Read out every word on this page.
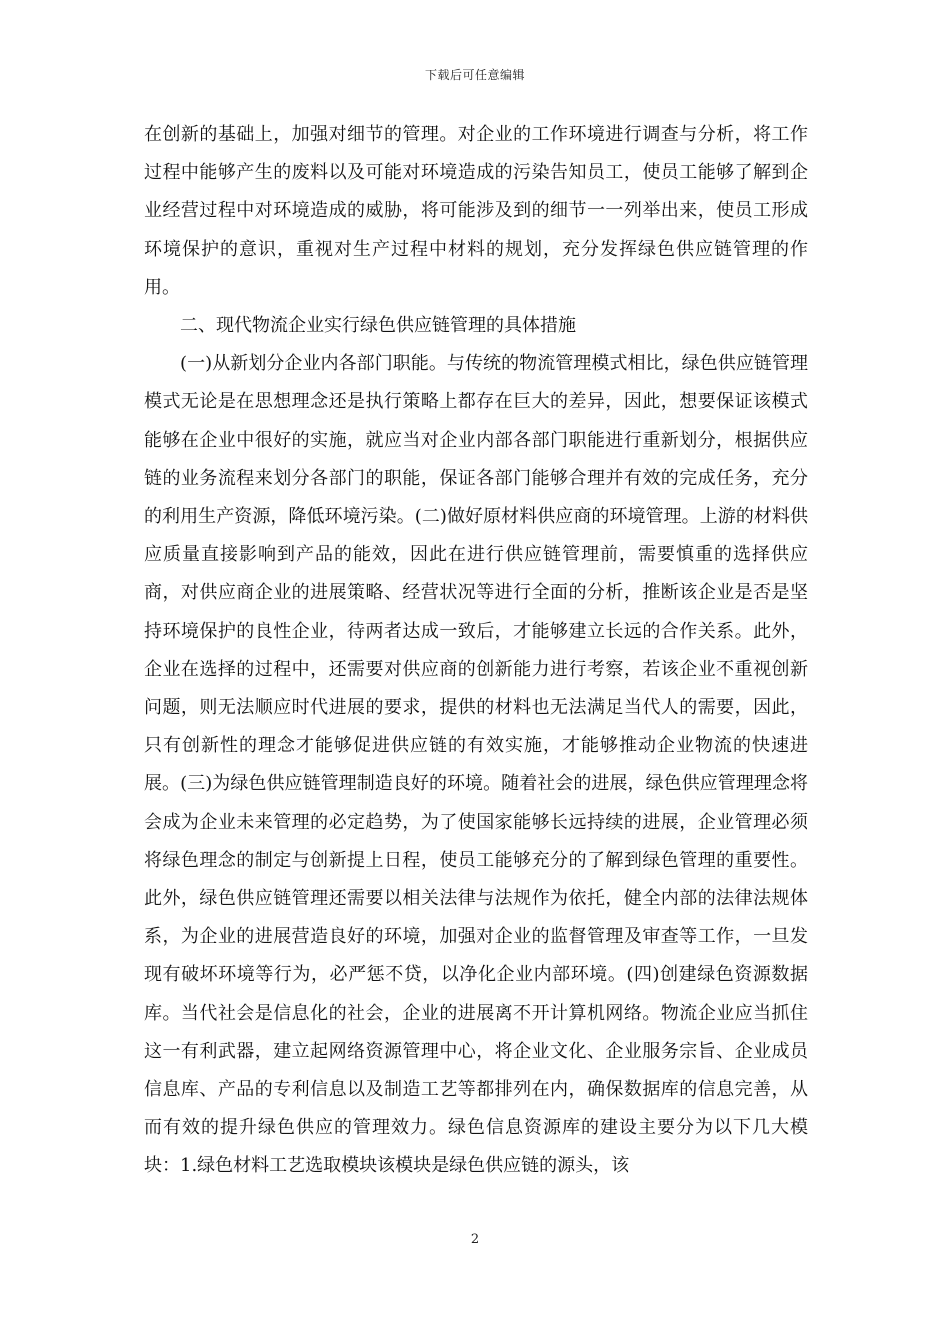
下载后可任意编辑

在创新的基础上，加强对细节的管理。对企业的工作环境进行调查与分析，将工作过程中能够产生的废料以及可能对环境造成的污染告知员工，使员工能够了解到企业经营过程中对环境造成的威胁，将可能涉及到的细节一一列举出来，使员工形成环境保护的意识，重视对生产过程中材料的规划，充分发挥绿色供应链管理的作用。

二、现代物流企业实行绿色供应链管理的具体措施

(一)从新划分企业内各部门职能。与传统的物流管理模式相比，绿色供应链管理模式无论是在思想理念还是执行策略上都存在巨大的差异，因此，想要保证该模式能够在企业中很好的实施，就应当对企业内部各部门职能进行重新划分，根据供应链的业务流程来划分各部门的职能，保证各部门能够合理并有效的完成任务，充分的利用生产资源，降低环境污染。(二)做好原材料供应商的环境管理。上游的材料供应质量直接影响到产品的能效，因此在进行供应链管理前，需要慎重的选择供应商，对供应商企业的进展策略、经营状况等进行全面的分析，推断该企业是否是坚持环境保护的良性企业，待两者达成一致后，才能够建立长远的合作关系。此外，企业在选择的过程中，还需要对供应商的创新能力进行考察，若该企业不重视创新问题，则无法顺应时代进展的要求，提供的材料也无法满足当代人的需要，因此，只有创新性的理念才能够促进供应链的有效实施，才能够推动企业物流的快速进展。(三)为绿色供应链管理制造良好的环境。随着社会的进展，绿色供应管理理念将会成为企业未来管理的必定趋势，为了使国家能够长远持续的进展，企业管理必须将绿色理念的制定与创新提上日程，使员工能够充分的了解到绿色管理的重要性。此外，绿色供应链管理还需要以相关法律与法规作为依托，健全内部的法律法规体系，为企业的进展营造良好的环境，加强对企业的监督管理及审查等工作，一旦发现有破坏环境等行为，必严惩不贷，以净化企业内部环境。(四)创建绿色资源数据库。当代社会是信息化的社会，企业的进展离不开计算机网络。物流企业应当抓住这一有利武器，建立起网络资源管理中心，将企业文化、企业服务宗旨、企业成员信息库、产品的专利信息以及制造工艺等都排列在内，确保数据库的信息完善，从而有效的提升绿色供应的管理效力。绿色信息资源库的建设主要分为以下几大模块：1.绿色材料工艺选取模块该模块是绿色供应链的源头，该

2
